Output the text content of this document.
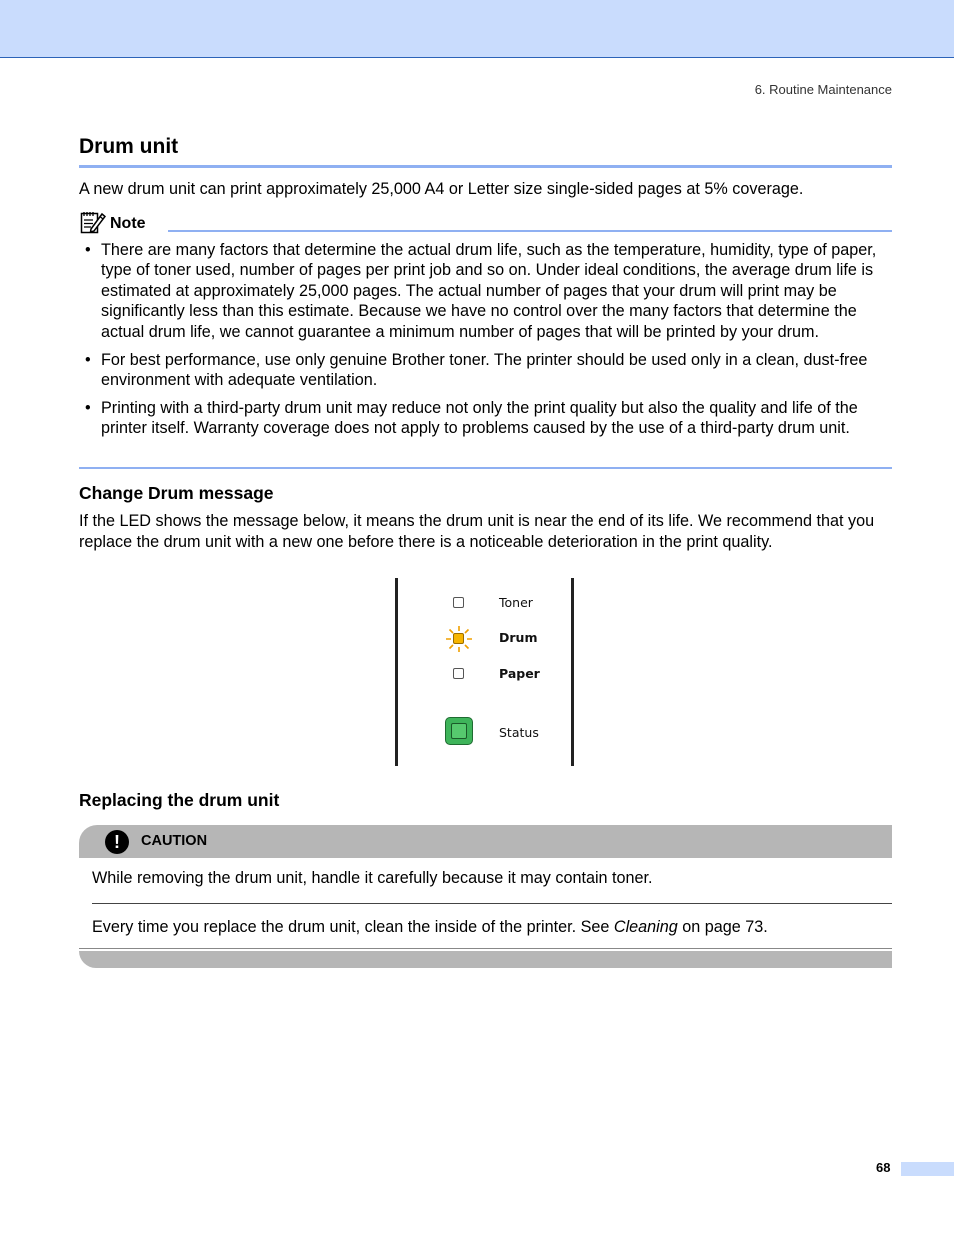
6. Routine Maintenance
Drum unit
A new drum unit can print approximately 25,000 A4 or Letter size single-sided pages at 5% coverage.
Note
• There are many factors that determine the actual drum life, such as the temperature, humidity, type of paper, type of toner used, number of pages per print job and so on. Under ideal conditions, the average drum life is estimated at approximately 25,000 pages. The actual number of pages that your drum will print may be significantly less than this estimate. Because we have no control over the many factors that determine the actual drum life, we cannot guarantee a minimum number of pages that will be printed by your drum.
• For best performance, use only genuine Brother toner. The printer should be used only in a clean, dust-free environment with adequate ventilation.
• Printing with a third-party drum unit may reduce not only the print quality but also the quality and life of the printer itself. Warranty coverage does not apply to problems caused by the use of a third-party drum unit.
Change Drum message
If the LED shows the message below, it means the drum unit is near the end of its life. We recommend that you replace the drum unit with a new one before there is a noticeable deterioration in the print quality.
Toner
Drum
Paper
Status
Replacing the drum unit
!	CAUTION
While removing the drum unit, handle it carefully because it may contain toner.
Every time you replace the drum unit, clean the inside of the printer. See Cleaning on page 73.
68
